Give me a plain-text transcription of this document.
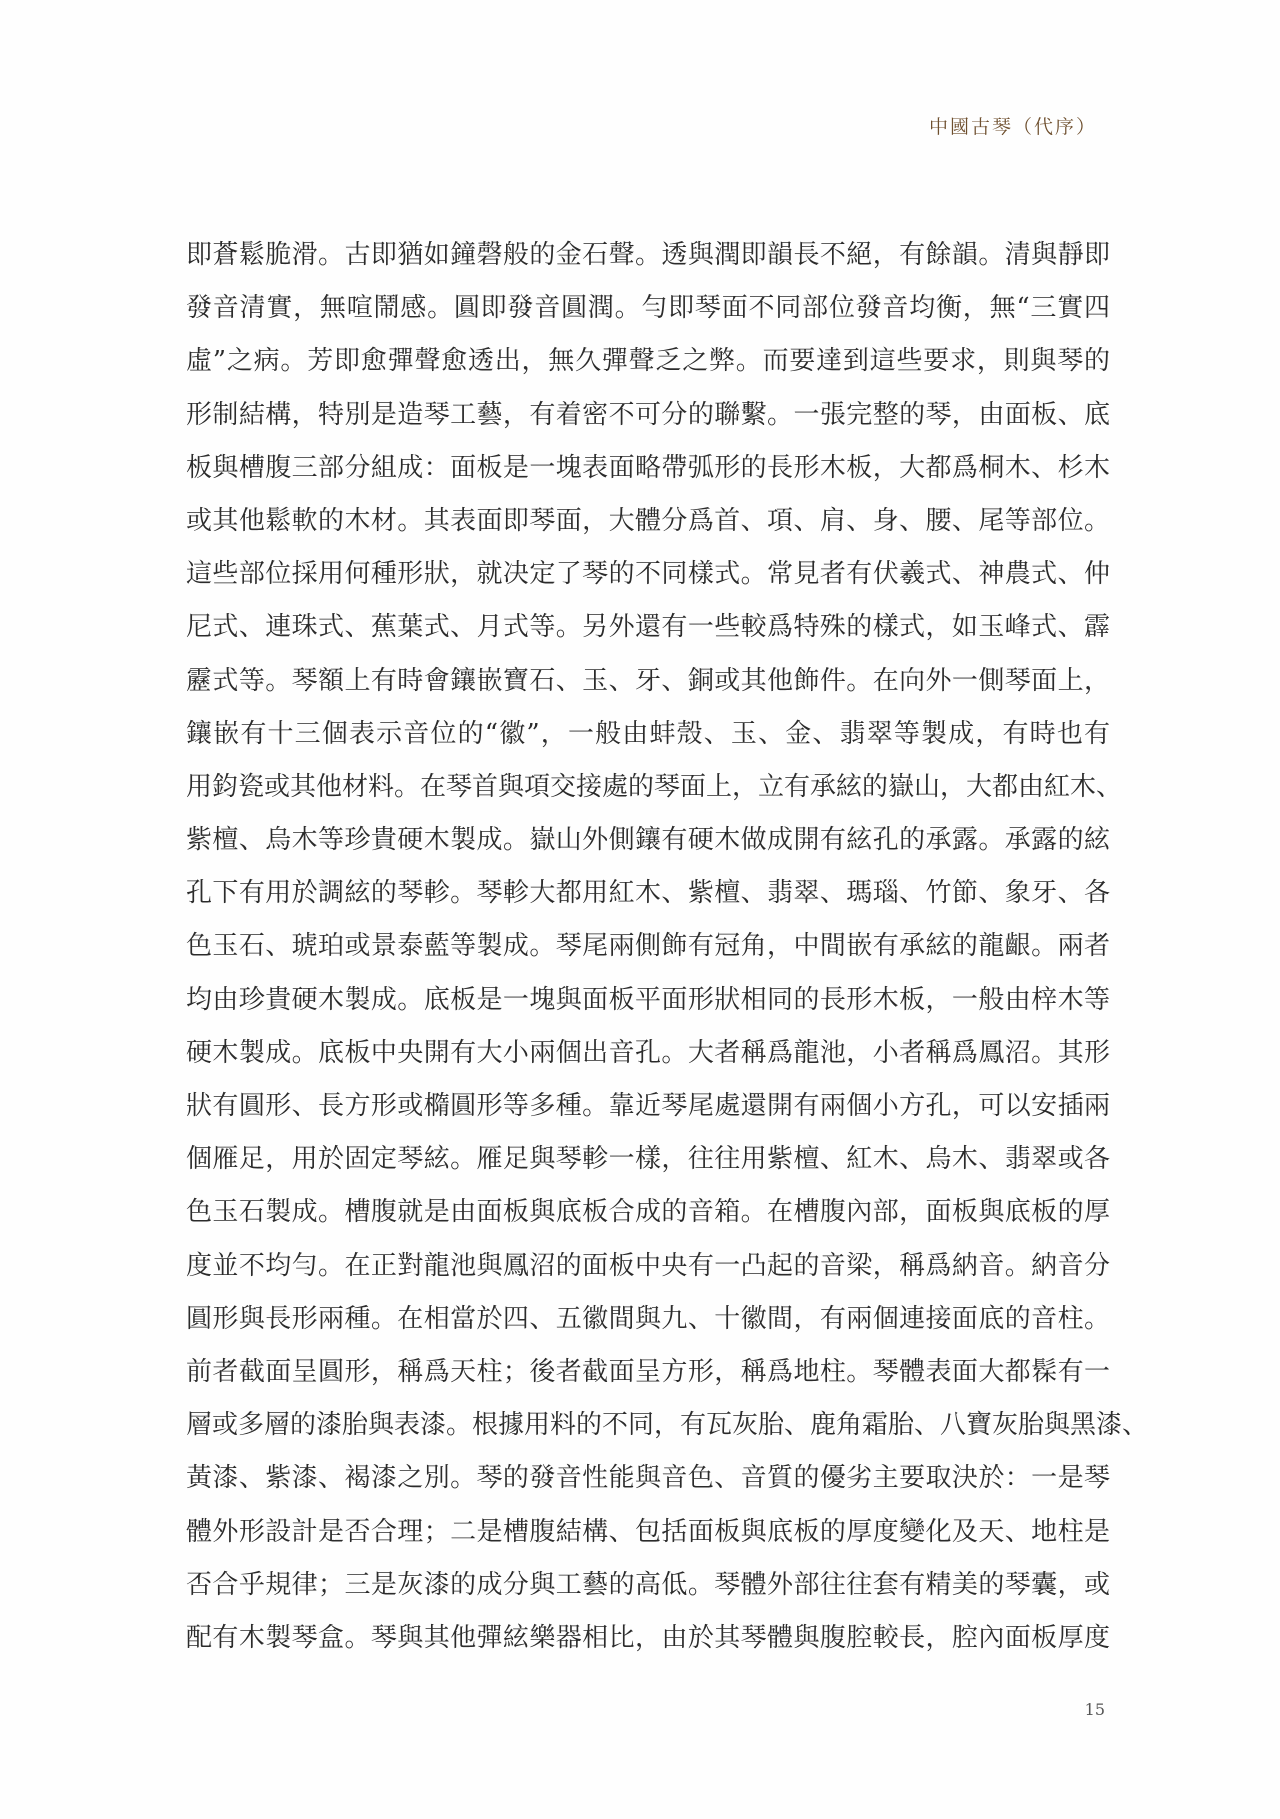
中國古琴（代序）
即蒼鬆脆滑。古即猶如鐘磬般的金石聲。透與潤即韻長不絕，有餘韻。清與靜即
發音清實，無喧鬧感。圓即發音圓潤。勻即琴面不同部位發音均衡，無“三實四
虛”之病。芳即愈彈聲愈透出，無久彈聲乏之弊。而要達到這些要求，則與琴的
形制結構，特別是造琴工藝，有着密不可分的聯繫。一張完整的琴，由面板、底
板與槽腹三部分組成：面板是一塊表面略帶弧形的長形木板，大都爲桐木、杉木
或其他鬆軟的木材。其表面即琴面，大體分爲首、項、肩、身、腰、尾等部位。
這些部位採用何種形狀，就决定了琴的不同樣式。常見者有伏羲式、神農式、仲
尼式、連珠式、蕉葉式、月式等。另外還有一些較爲特殊的樣式，如玉峰式、霹
靂式等。琴額上有時會鑲嵌寶石、玉、牙、銅或其他飾件。在向外一側琴面上，
鑲嵌有十三個表示音位的“徽”，一般由蚌殼、玉、金、翡翠等製成，有時也有
用鈞瓷或其他材料。在琴首與項交接處的琴面上，立有承絃的嶽山，大都由紅木、
紫檀、烏木等珍貴硬木製成。嶽山外側鑲有硬木做成開有絃孔的承露。承露的絃
孔下有用於調絃的琴軫。琴軫大都用紅木、紫檀、翡翠、瑪瑙、竹節、象牙、各
色玉石、琥珀或景泰藍等製成。琴尾兩側飾有冠角，中間嵌有承絃的龍齦。兩者
均由珍貴硬木製成。底板是一塊與面板平面形狀相同的長形木板，一般由梓木等
硬木製成。底板中央開有大小兩個出音孔。大者稱爲龍池，小者稱爲鳳沼。其形
狀有圓形、長方形或橢圓形等多種。靠近琴尾處還開有兩個小方孔，可以安插兩
個雁足，用於固定琴絃。雁足與琴軫一樣，往往用紫檀、紅木、烏木、翡翠或各
色玉石製成。槽腹就是由面板與底板合成的音箱。在槽腹內部，面板與底板的厚
度並不均勻。在正對龍池與鳳沼的面板中央有一凸起的音梁，稱爲納音。納音分
圓形與長形兩種。在相當於四、五徽間與九、十徽間，有兩個連接面底的音柱。
前者截面呈圓形，稱爲天柱；後者截面呈方形，稱爲地柱。琴體表面大都髹有一
層或多層的漆胎與表漆。根據用料的不同，有瓦灰胎、鹿角霜胎、八寶灰胎與黑漆、
黃漆、紫漆、褐漆之別。琴的發音性能與音色、音質的優劣主要取決於：一是琴
體外形設計是否合理；二是槽腹結構、包括面板與底板的厚度變化及天、地柱是
否合乎規律；三是灰漆的成分與工藝的高低。琴體外部往往套有精美的琴囊，或
配有木製琴盒。琴與其他彈絃樂器相比，由於其琴體與腹腔較長，腔內面板厚度
15
